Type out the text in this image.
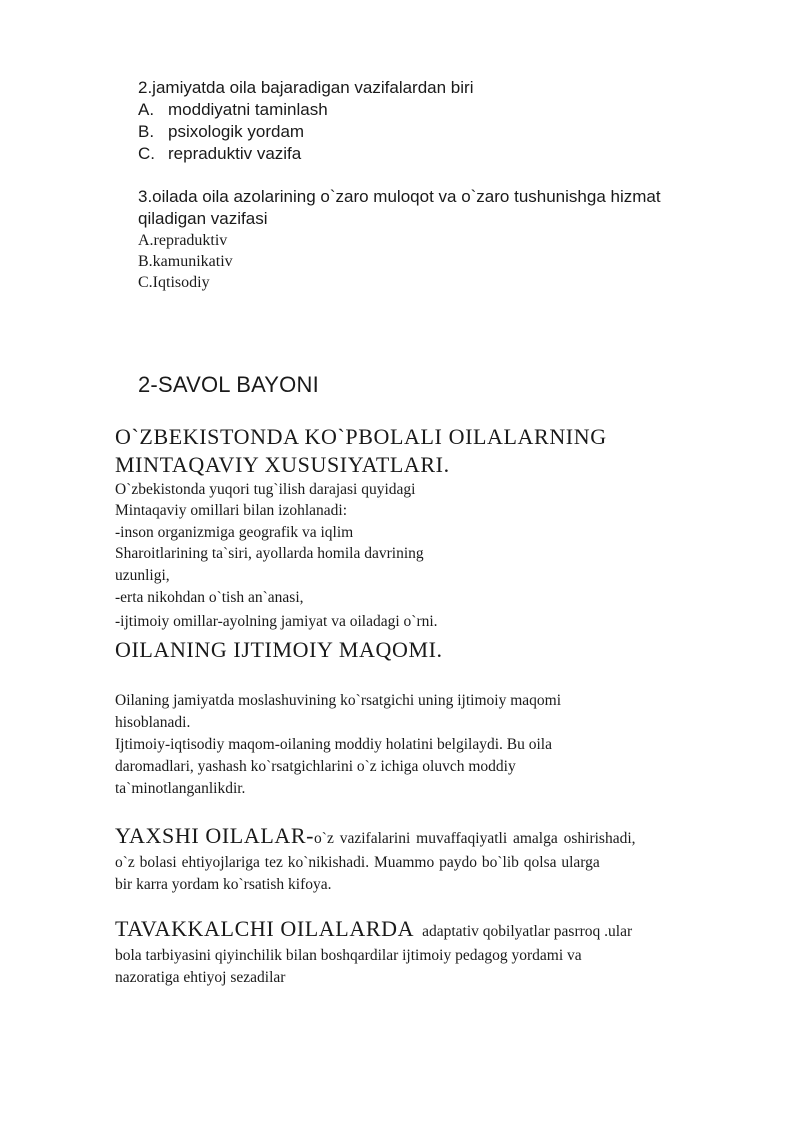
2.jamiyatda oila bajaradigan vazifalardan biri
A. moddiyatni taminlash
B. psixologik yordam
C. repraduktiv vazifa
3.oilada oila azolarining o`zaro muloqot va o`zaro tushunishga hizmat
qiladigan vazifasi
A.repraduktiv
B.kamunikativ
C.Iqtisodiy
2-SAVOL BAYONI
O`ZBEKISTONDA KO`PBOLALI OILALARNING
MINTAQAVIY XUSUSIYATLARI.
O`zbekistonda yuqori tug`ilish darajasi quyidagi
Mintaqaviy omillari bilan izohlanadi:
-inson organizmiga geografik va iqlim
Sharoitlarining ta`siri, ayollarda homila davrining
uzunligi,
-erta nikohdan o`tish an`anasi,
-ijtimoiy omillar-ayolning jamiyat va oiladagi o`rni.
OILANING IJTIMOIY MAQOMI.
Oilaning jamiyatda moslashuvining ko`rsatgichi uning ijtimoiy maqomi
hisoblanadi.
Ijtimoiy-iqtisodiy maqom-oilaning moddiy holatini belgilaydi. Bu oila
daromadlari, yashash ko`rsatgichlarini o`z ichiga oluvch moddiy
ta`minotlanganlikdir.
YAXSHI OILALAR-o`z vazifalarini muvaffaqiyatli amalga oshirishadi,
o`z bolasi ehtiyojlariga tez ko`nikishadi. Muammo paydo bo`lib qolsa ularga
bir karra yordam ko`rsatish kifoya.
TAVAKKALCHI OILALARDA adaptativ qobilyatlar pasrroq .ular
bola tarbiyasini qiyinchilik bilan boshqardilar ijtimoiy pedagog yordami va
nazoratiga ehtiyoj sezadilar
